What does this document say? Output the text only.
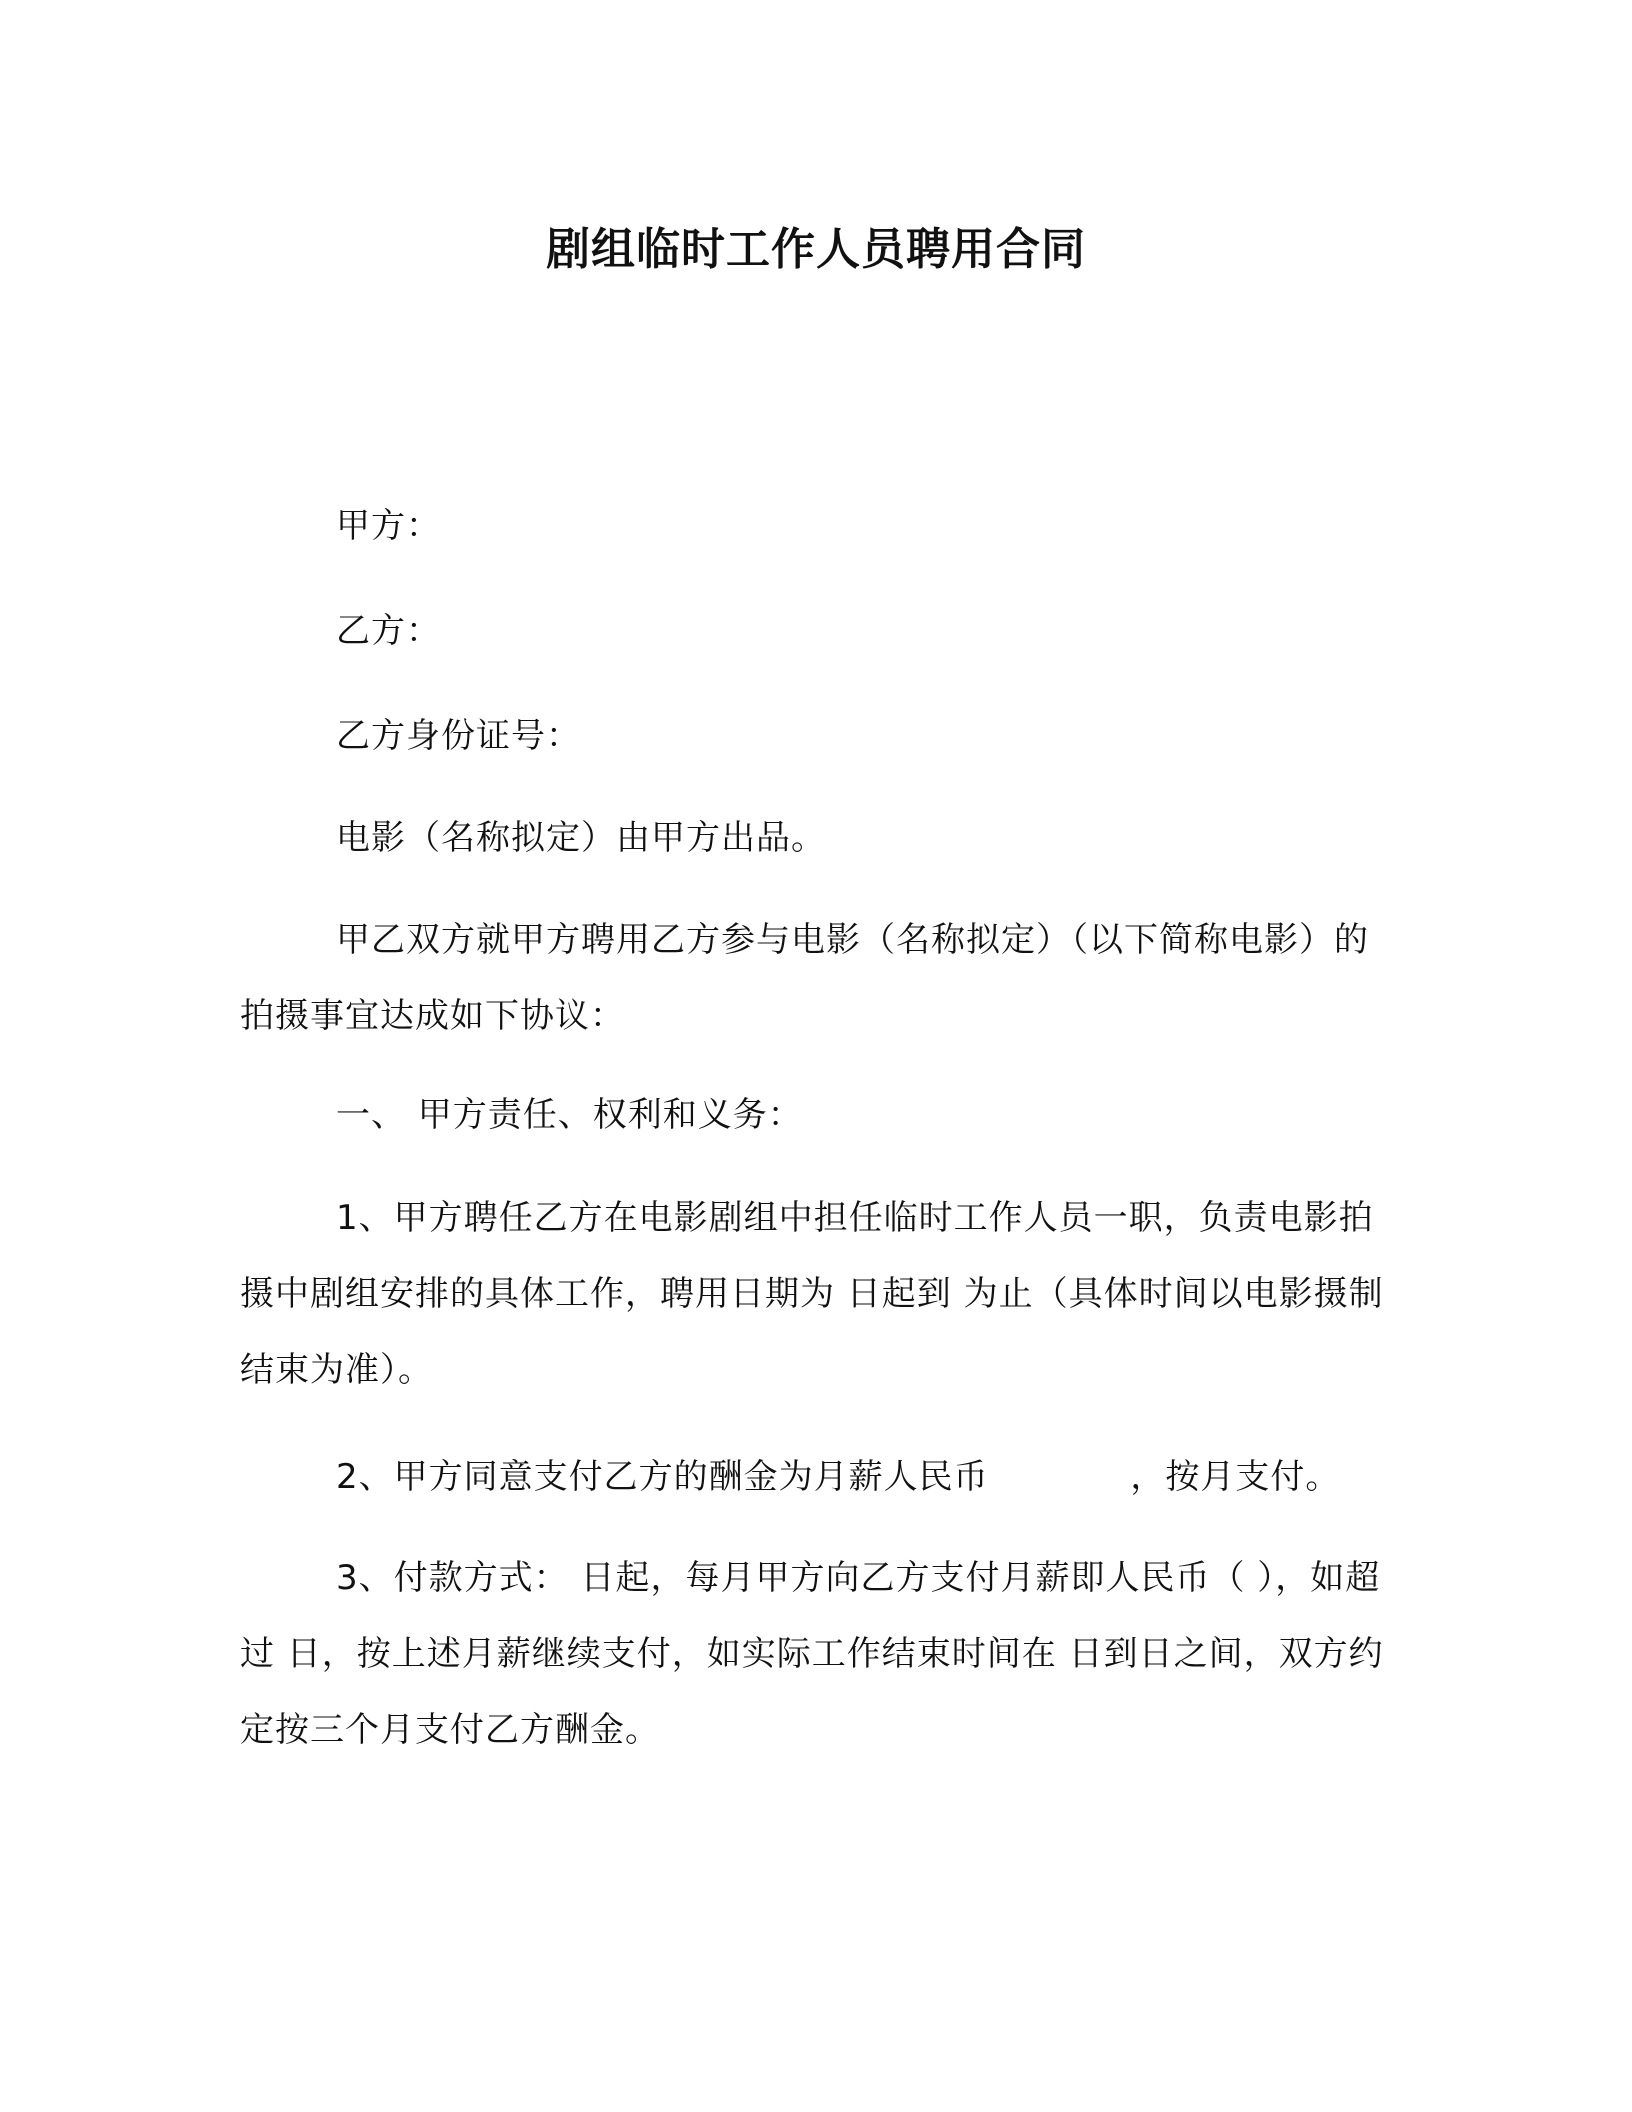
剧组临时工作人员聘用合同

甲方：

乙方：

乙方身份证号：

电影（名称拟定）由甲方出品。

甲乙双方就甲方聘用乙方参与电影（名称拟定）（以下简称电影）的拍摄事宜达成如下协议：

一、 甲方责任、权利和义务：

1、甲方聘任乙方在电影剧组中担任临时工作人员一职，负责电影拍摄中剧组安排的具体工作，聘用日期为 日起到 为止（具体时间以电影摄制结束为准）。

2、甲方同意支付乙方的酬金为月薪人民币            ，按月支付。

3、付款方式： 日起，每月甲方向乙方支付月薪即人民币（ ），如超过 日，按上述月薪继续支付，如实际工作结束时间在 日到日之间，双方约定按三个月支付乙方酬金。
